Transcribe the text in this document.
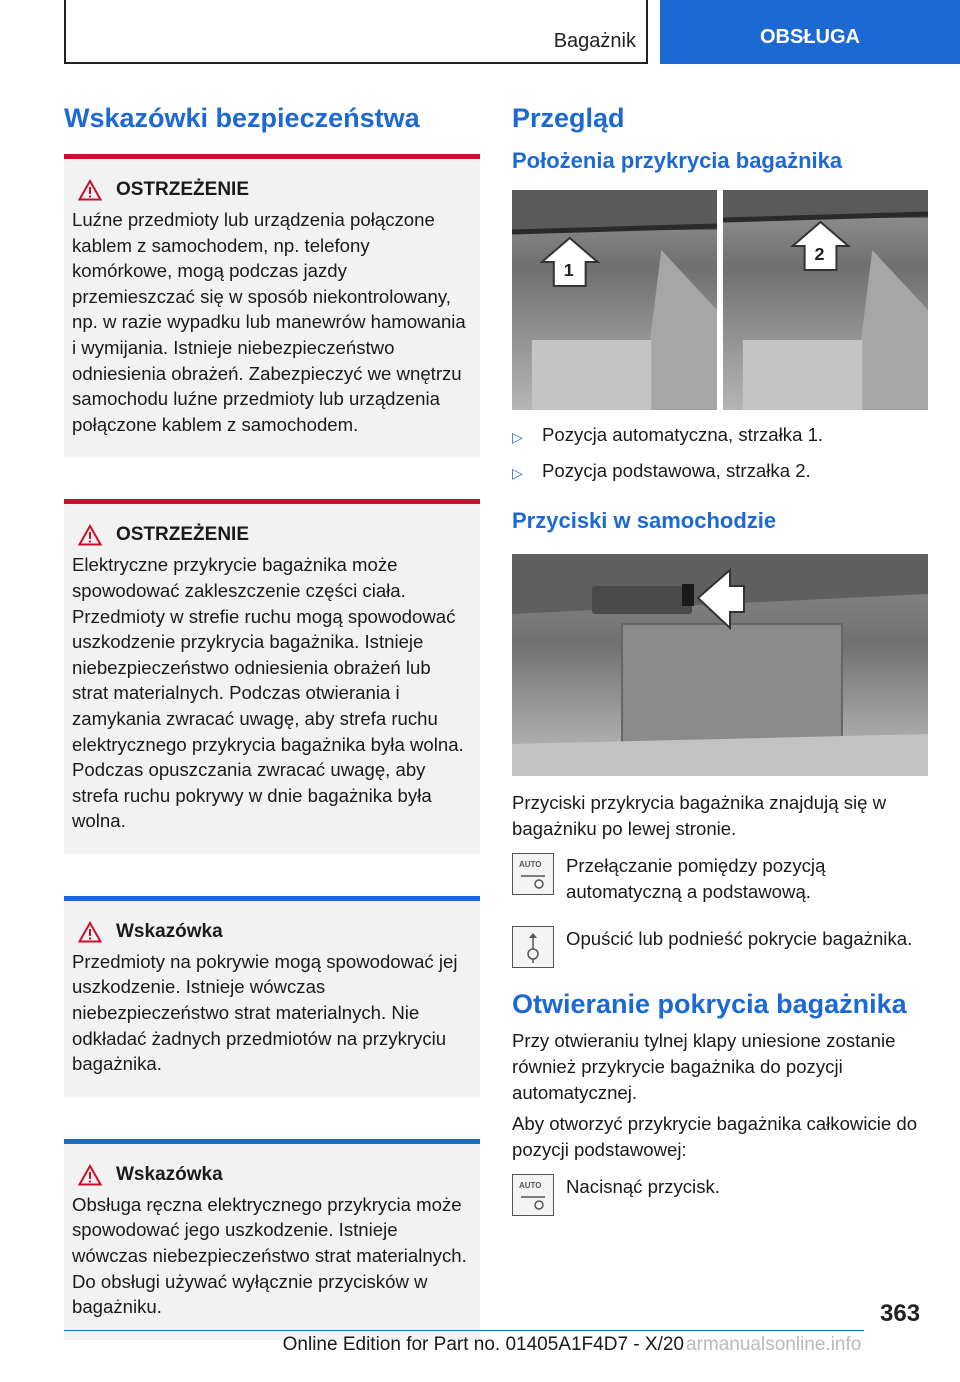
Bagażnik	OBSŁUGA
Wskazówki bezpieczeństwa
OSTRZEŻENIE
Luźne przedmioty lub urządzenia połączone kablem z samochodem, np. telefony komórkowe, mogą podczas jazdy przemieszczać się w sposób niekontrolowany, np. w razie wypadku lub manewrów hamowania i wymijania. Istnieje niebezpieczeństwo odniesienia obrażeń. Zabezpieczyć we wnętrzu samochodu luźne przedmioty lub urządzenia połączone kablem z samochodem.
OSTRZEŻENIE
Elektryczne przykrycie bagażnika może spowodować zakleszczenie części ciała. Przedmioty w strefie ruchu mogą spowodować uszkodzenie przykrycia bagażnika. Istnieje niebezpieczeństwo odniesienia obrażeń lub strat materialnych. Podczas otwierania i zamykania zwracać uwagę, aby strefa ruchu elektrycznego przykrycia bagażnika była wolna. Podczas opuszczania zwracać uwagę, aby strefa ruchu pokrywy w dnie bagażnika była wolna.
Wskazówka
Przedmioty na pokrywie mogą spowodować jej uszkodzenie. Istnieje wówczas niebezpieczeństwo strat materialnych. Nie odkładać żadnych przedmiotów na przykryciu bagażnika.
Wskazówka
Obsługa ręczna elektrycznego przykrycia może spowodować jego uszkodzenie. Istnieje wówczas niebezpieczeństwo strat materialnych. Do obsługi używać wyłącznie przycisków w bagażniku.
Przegląd
Położenia przykrycia bagażnika
1
2
▷	Pozycja automatyczna, strzałka 1.
▷	Pozycja podstawowa, strzałka 2.
Przyciski w samochodzie

Przyciski przykrycia bagażnika znajdują się w bagażniku po lewej stronie.

AUTO Przełączanie pomiędzy pozycją automatyczną a podstawową.

Opuścić lub podnieść pokrycie bagażnika.

Otwieranie pokrycia bagażnika

Przy otwieraniu tylnej klapy uniesione zostanie również przykrycie bagażnika do pozycji automatycznej.

Aby otworzyć przykrycie bagażnika całkowicie do pozycji podstawowej:

AUTO Nacisnąć przycisk.

363
Online Edition for Part no. 01405A1F4D7 - X/20 armanualsonline.info
